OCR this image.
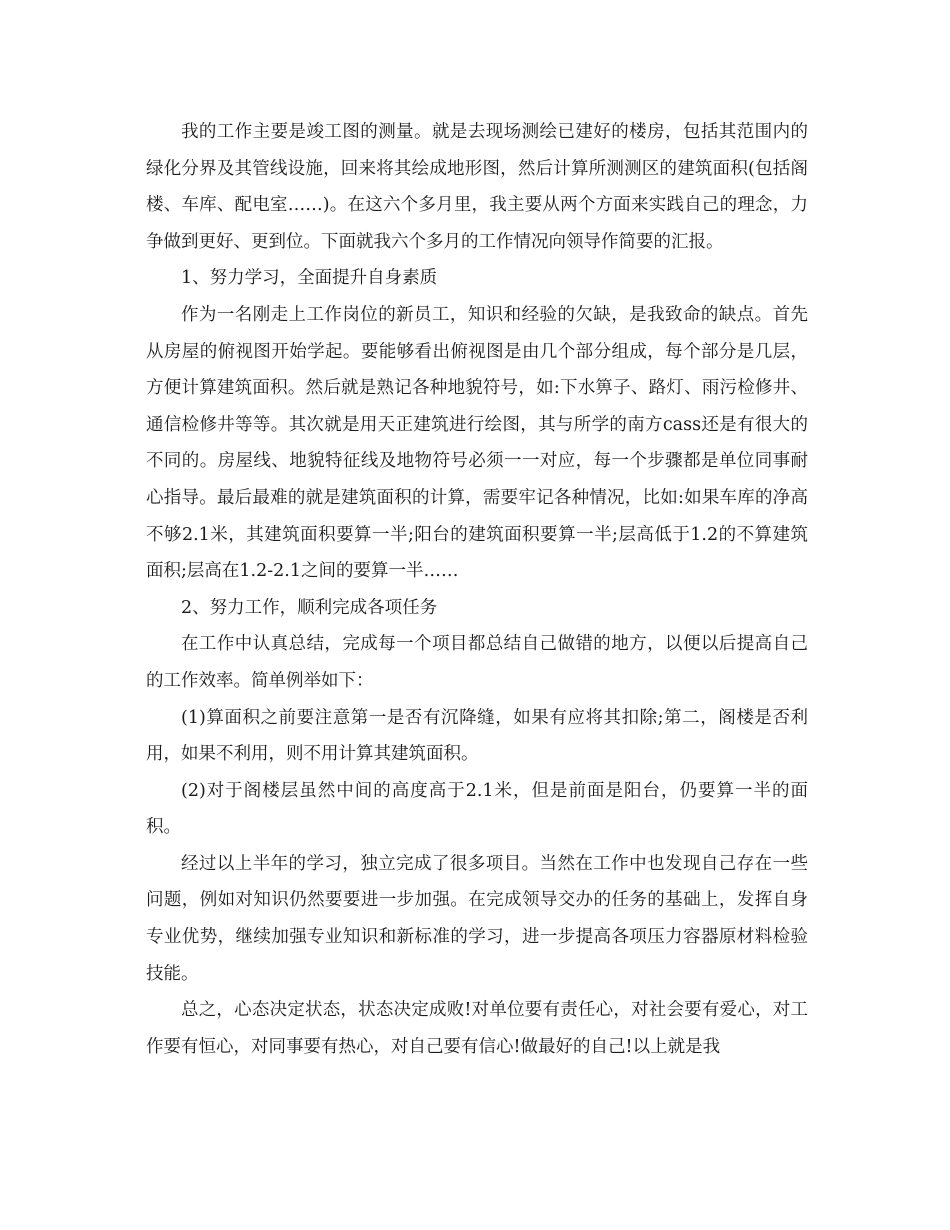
我的工作主要是竣工图的测量。就是去现场测绘已建好的楼房，包括其范围内的绿化分界及其管线设施，回来将其绘成地形图，然后计算所测测区的建筑面积(包括阁楼、车库、配电室……)。在这六个多月里，我主要从两个方面来实践自己的理念，力争做到更好、更到位。下面就我六个多月的工作情况向领导作简要的汇报。

1、努力学习，全面提升自身素质

作为一名刚走上工作岗位的新员工，知识和经验的欠缺，是我致命的缺点。首先从房屋的俯视图开始学起。要能够看出俯视图是由几个部分组成，每个部分是几层，方便计算建筑面积。然后就是熟记各种地貌符号，如:下水箅子、路灯、雨污检修井、通信检修井等等。其次就是用天正建筑进行绘图，其与所学的南方cass还是有很大的不同的。房屋线、地貌特征线及地物符号必须一一对应，每一个步骤都是单位同事耐心指导。最后最难的就是建筑面积的计算，需要牢记各种情况，比如:如果车库的净高不够2.1米，其建筑面积要算一半;阳台的建筑面积要算一半;层高低于1.2的不算建筑面积;层高在1.2-2.1之间的要算一半……

2、努力工作，顺利完成各项任务

在工作中认真总结，完成每一个项目都总结自己做错的地方，以便以后提高自己的工作效率。简单例举如下：

(1)算面积之前要注意第一是否有沉降缝，如果有应将其扣除;第二，阁楼是否利用，如果不利用，则不用计算其建筑面积。

(2)对于阁楼层虽然中间的高度高于2.1米，但是前面是阳台，仍要算一半的面积。

经过以上半年的学习，独立完成了很多项目。当然在工作中也发现自己存在一些问题，例如对知识仍然要要进一步加强。在完成领导交办的任务的基础上，发挥自身专业优势，继续加强专业知识和新标准的学习，进一步提高各项压力容器原材料检验技能。

总之，心态决定状态，状态决定成败!对单位要有责任心，对社会要有爱心，对工作要有恒心，对同事要有热心，对自己要有信心!做最好的自己!以上就是我
